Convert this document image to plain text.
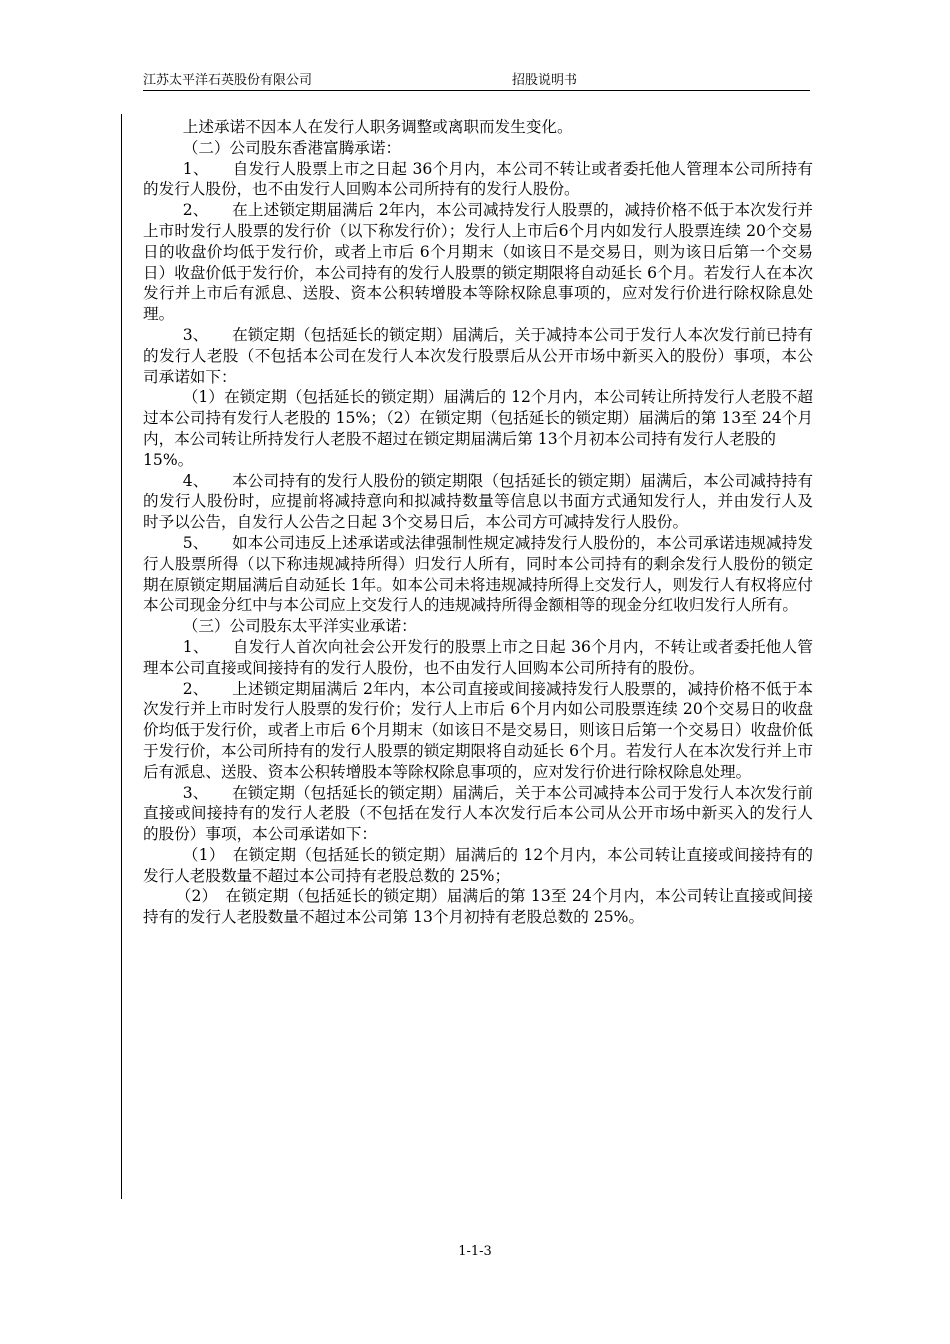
江苏太平洋石英股份有限公司	招股说明书

上述承诺不因本人在发行人职务调整或离职而发生变化。

（二）公司股东香港富腾承诺：

1、　　自发行人股票上市之日起 36个月内，本公司不转让或者委托他人管理本公司所持有的发行人股份，也不由发行人回购本公司所持有的发行人股份。

2、　　在上述锁定期届满后 2年内，本公司减持发行人股票的，减持价格不低于本次发行并上市时发行人股票的发行价（以下称发行价）；发行人上市后6个月内如发行人股票连续 20个交易日的收盘价均低于发行价，或者上市后 6个月期末（如该日不是交易日，则为该日后第一个交易日）收盘价低于发行价，本公司持有的发行人股票的锁定期限将自动延长 6个月。若发行人在本次发行并上市后有派息、送股、资本公积转增股本等除权除息事项的，应对发行价进行除权除息处理。

3、　　在锁定期（包括延长的锁定期）届满后，关于减持本公司于发行人本次发行前已持有的发行人老股（不包括本公司在发行人本次发行股票后从公开市场中新买入的股份）事项，本公司承诺如下：

（1）在锁定期（包括延长的锁定期）届满后的 12个月内，本公司转让所持发行人老股不超过本公司持有发行人老股的 15%；（2）在锁定期（包括延长的锁定期）届满后的第 13至 24个月内，本公司转让所持发行人老股不超过在锁定期届满后第 13个月初本公司持有发行人老股的

15%。

4、　　本公司持有的发行人股份的锁定期限（包括延长的锁定期）届满后，本公司减持持有的发行人股份时，应提前将减持意向和拟减持数量等信息以书面方式通知发行人，并由发行人及时予以公告，自发行人公告之日起 3个交易日后，本公司方可减持发行人股份。

5、　　如本公司违反上述承诺或法律强制性规定减持发行人股份的，本公司承诺违规减持发行人股票所得（以下称违规减持所得）归发行人所有，同时本公司持有的剩余发行人股份的锁定期在原锁定期届满后自动延长 1年。如本公司未将违规减持所得上交发行人，则发行人有权将应付本公司现金分红中与本公司应上交发行人的违规减持所得金额相等的现金分红收归发行人所有。

（三）公司股东太平洋实业承诺：

1、　　自发行人首次向社会公开发行的股票上市之日起 36个月内，不转让或者委托他人管理本公司直接或间接持有的发行人股份，也不由发行人回购本公司所持有的股份。

2、　　上述锁定期届满后 2年内，本公司直接或间接减持发行人股票的，减持价格不低于本次发行并上市时发行人股票的发行价；发行人上市后 6个月内如公司股票连续 20个交易日的收盘价均低于发行价，或者上市后 6个月期末（如该日不是交易日，则该日后第一个交易日）收盘价低于发行价，本公司所持有的发行人股票的锁定期限将自动延长 6个月。若发行人在本次发行并上市后有派息、送股、资本公积转增股本等除权除息事项的，应对发行价进行除权除息处理。

3、　　在锁定期（包括延长的锁定期）届满后，关于本公司减持本公司于发行人本次发行前直接或间接持有的发行人老股（不包括在发行人本次发行后本公司从公开市场中新买入的发行人的股份）事项，本公司承诺如下：

（1）　在锁定期（包括延长的锁定期）届满后的 12个月内，本公司转让直接或间接持有的发行人老股数量不超过本公司持有老股总数的 25%；

（2）　在锁定期（包括延长的锁定期）届满后的第 13至 24个月内，本公司转让直接或间接持有的发行人老股数量不超过本公司第 13个月初持有老股总数的 25%。

1-1-3
